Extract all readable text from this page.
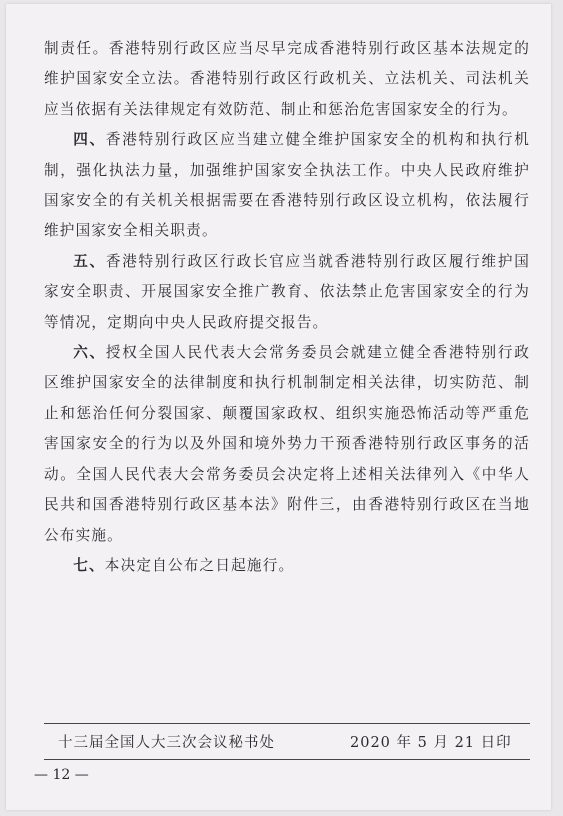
制责任。香港特别行政区应当尽早完成香港特别行政区基本法规定的维护国家安全立法。香港特别行政区行政机关、立法机关、司法机关应当依据有关法律规定有效防范、制止和惩治危害国家安全的行为。

四、香港特别行政区应当建立健全维护国家安全的机构和执行机制，强化执法力量，加强维护国家安全执法工作。中央人民政府维护国家安全的有关机关根据需要在香港特别行政区设立机构，依法履行维护国家安全相关职责。

五、香港特别行政区行政长官应当就香港特别行政区履行维护国家安全职责、开展国家安全推广教育、依法禁止危害国家安全的行为等情况，定期向中央人民政府提交报告。

六、授权全国人民代表大会常务委员会就建立健全香港特别行政区维护国家安全的法律制度和执行机制制定相关法律，切实防范、制止和惩治任何分裂国家、颠覆国家政权、组织实施恐怖活动等严重危害国家安全的行为以及外国和境外势力干预香港特别行政区事务的活动。全国人民代表大会常务委员会决定将上述相关法律列入《中华人民共和国香港特别行政区基本法》附件三，由香港特别行政区在当地公布实施。

七、本决定自公布之日起施行。

十三届全国人大三次会议秘书处	2020 年 5 月 21 日印
— 12 —
